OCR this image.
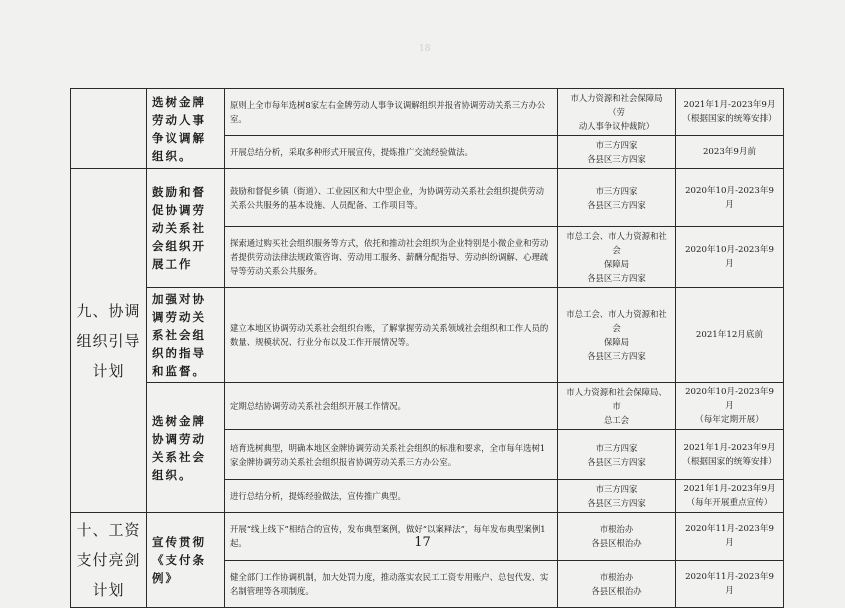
18
	选树金牌劳动人事争议调解组织。	原则上全市每年选树8家左右金牌劳动人事争议调解组织并报省协调劳动关系三方办公室。	市人力资源和社会保障局（劳
动人事争议仲裁院）	2021年1月-2023年9月
（根据国家的统筹安排）

		开展总结分析，采取多种形式开展宣传，提炼推广交流经验做法。	市三方四家
各县区三方四家	2023年9月前

九、协调组织引导计划	鼓励和督促协调劳动关系社会组织开展工作	鼓励和督促乡镇（街道）、工业园区和大中型企业，为协调劳动关系社会组织提供劳动关系公共服务的基本设施、人员配备、工作项目等。	市三方四家
各县区三方四家	2020年10月-2023年9月
		探索通过购买社会组织服务等方式，依托和推动社会组织为企业特别是小微企业和劳动者提供劳动法律法规政策咨询、劳动用工服务、薪酬分配指导、劳动纠纷调解、心理疏导等劳动关系公共服务。	市总工会、市人力资源和社会
保障局
各县区三方四家	2020年10月-2023年9月
	加强对协调劳动关系社会组织的指导和监督。	建立本地区协调劳动关系社会组织台账，了解掌握劳动关系领域社会组织和工作人员的数量、规模状况、行业分布以及工作开展情况等。	市总工会、市人力资源和社会
保障局
各县区三方四家	2021年12月底前
	选树金牌协调劳动关系社会组织。	定期总结协调劳动关系社会组织开展工作情况。	市人力资源和社会保障局、市
总工会	2020年10月-2023年9月
（每年定期开展）

		培育选树典型，明确本地区金牌协调劳动关系社会组织的标准和要求，全市每年选树1家金牌协调劳动关系社会组织报省协调劳动关系三方办公室。	市三方四家
各县区三方四家	2021年1月-2023年9月
（根据国家的统筹安排）

		进行总结分析，提炼经验做法，宣传推广典型。	市三方四家
各县区三方四家	2021年1月-2023年9月
（每年开展重点宣传）

十、工资支付亮剑计划	宣传贯彻《支付条例》	开展“线上线下”相结合的宣传，发布典型案例，做好“以案释法”，每年发布典型案例1起。	市根治办
各县区根治办	2020年11月-2023年9月
		健全部门工作协调机制，加大处罚力度，推动落实农民工工资专用账户、总包代发、实名制管理等各项制度。	市根治办
各县区根治办	2020年11月-2023年9月
17
